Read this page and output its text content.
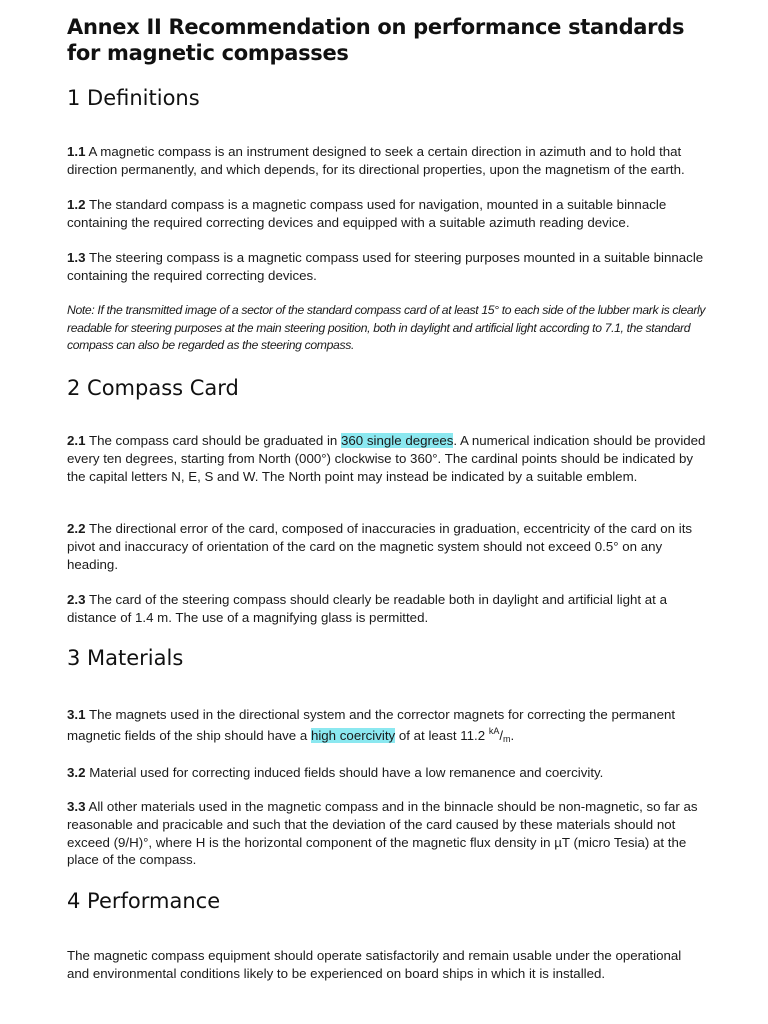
Annex II Recommendation on performance standards for magnetic compasses
1 Definitions

1.1 A magnetic compass is an instrument designed to seek a certain direction in azimuth and to hold that direction permanently, and which depends, for its directional properties, upon the magnetism of the earth.

1.2 The standard compass is a magnetic compass used for navigation, mounted in a suitable binnacle containing the required correcting devices and equipped with a suitable azimuth reading device.

1.3 The steering compass is a magnetic compass used for steering purposes mounted in a suitable binnacle containing the required correcting devices.

Note: If the transmitted image of a sector of the standard compass card of at least 15° to each side of the lubber mark is clearly readable for steering purposes at the main steering position, both in daylight and artificial light according to 7.1, the standard compass can also be regarded as the steering compass.

2 Compass Card

2.1 The compass card should be graduated in 360 single degrees. A numerical indication should be provided every ten degrees, starting from North (000°) clockwise to 360°. The cardinal points should be indicated by the capital letters N, E, S and W. The North point may instead be indicated by a suitable emblem.

2.2 The directional error of the card, composed of inaccuracies in graduation, eccentricity of the card on its pivot and inaccuracy of orientation of the card on the magnetic system should not exceed 0.5° on any heading.

2.3 The card of the steering compass should clearly be readable both in daylight and artificial light at a distance of 1.4 m. The use of a magnifying glass is permitted.

3 Materials

3.1 The magnets used in the directional system and the corrector magnets for correcting the permanent magnetic fields of the ship should have a high coercivity of at least 11.2 $^{kA}/_m$.

3.2 Material used for correcting induced fields should have a low remanence and coercivity.

3.3 All other materials used in the magnetic compass and in the binnacle should be non-magnetic, so far as reasonable and pracicable and such that the deviation of the card caused by these materials should not exceed (9/H)°, where H is the horizontal component of the magnetic flux density in µT (micro Tesia) at the place of the compass.

4 Performance

The magnetic compass equipment should operate satisfactorily and remain usable under the operational and environmental conditions likely to be experienced on board ships in which it is installed.
